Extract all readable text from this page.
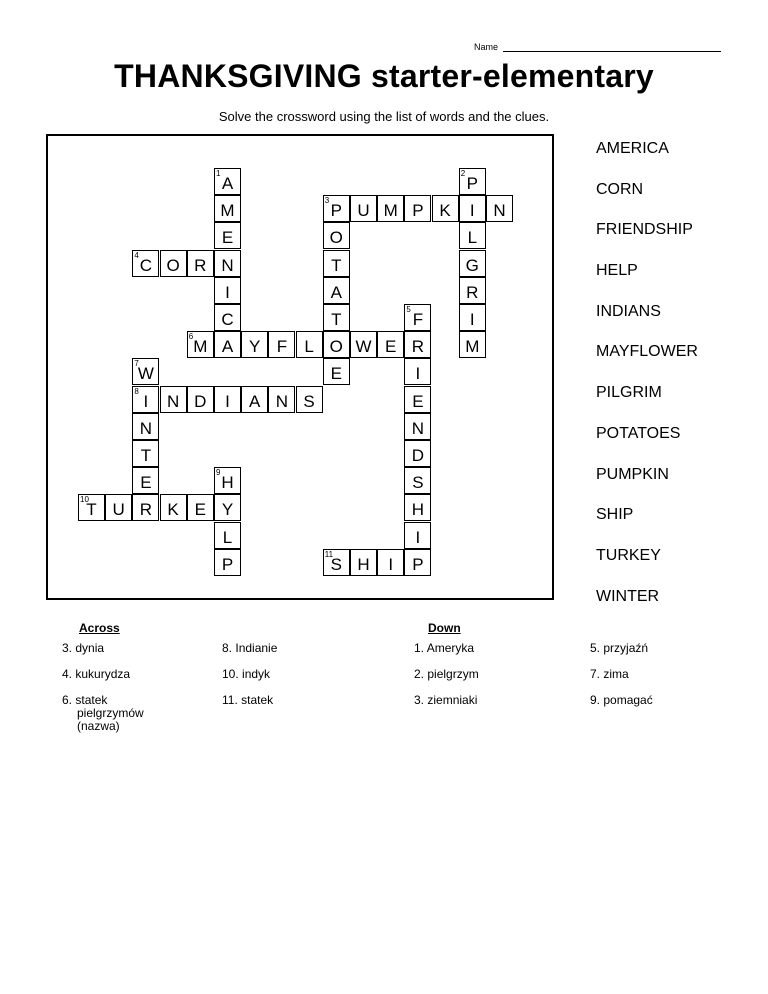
Name
THANKSGIVING starter-elementary
Solve the crossword using the list of words and the clues.
1
A
2
P
M
3
P U M P K	I	N
E	O	L
4
C O R N	T	G
I	A	R
C	T
5
F	I
6
M A Y F	L O W E R	M
7
W	E	I
8
I	N D	I	A N S	E
N	N
T	D
E
9
H	S
10
T U R K E Y	H
L	I
P
11
S H	I	P
AMERICA
CORN
FRIENDSHIP
HELP
INDIANS
MAYFLOWER
PILGRIM
POTATOES
PUMPKIN
SHIP
TURKEY
WINTER
Across	Down
3. dynia
4. kukurydza
6. statek
pielgrzymów
(nazwa)
8. Indianie
10. indyk
11. statek
1. Ameryka
2. pielgrzym
3. ziemniaki
5. przyjaźń
7. zima
9. pomagać
